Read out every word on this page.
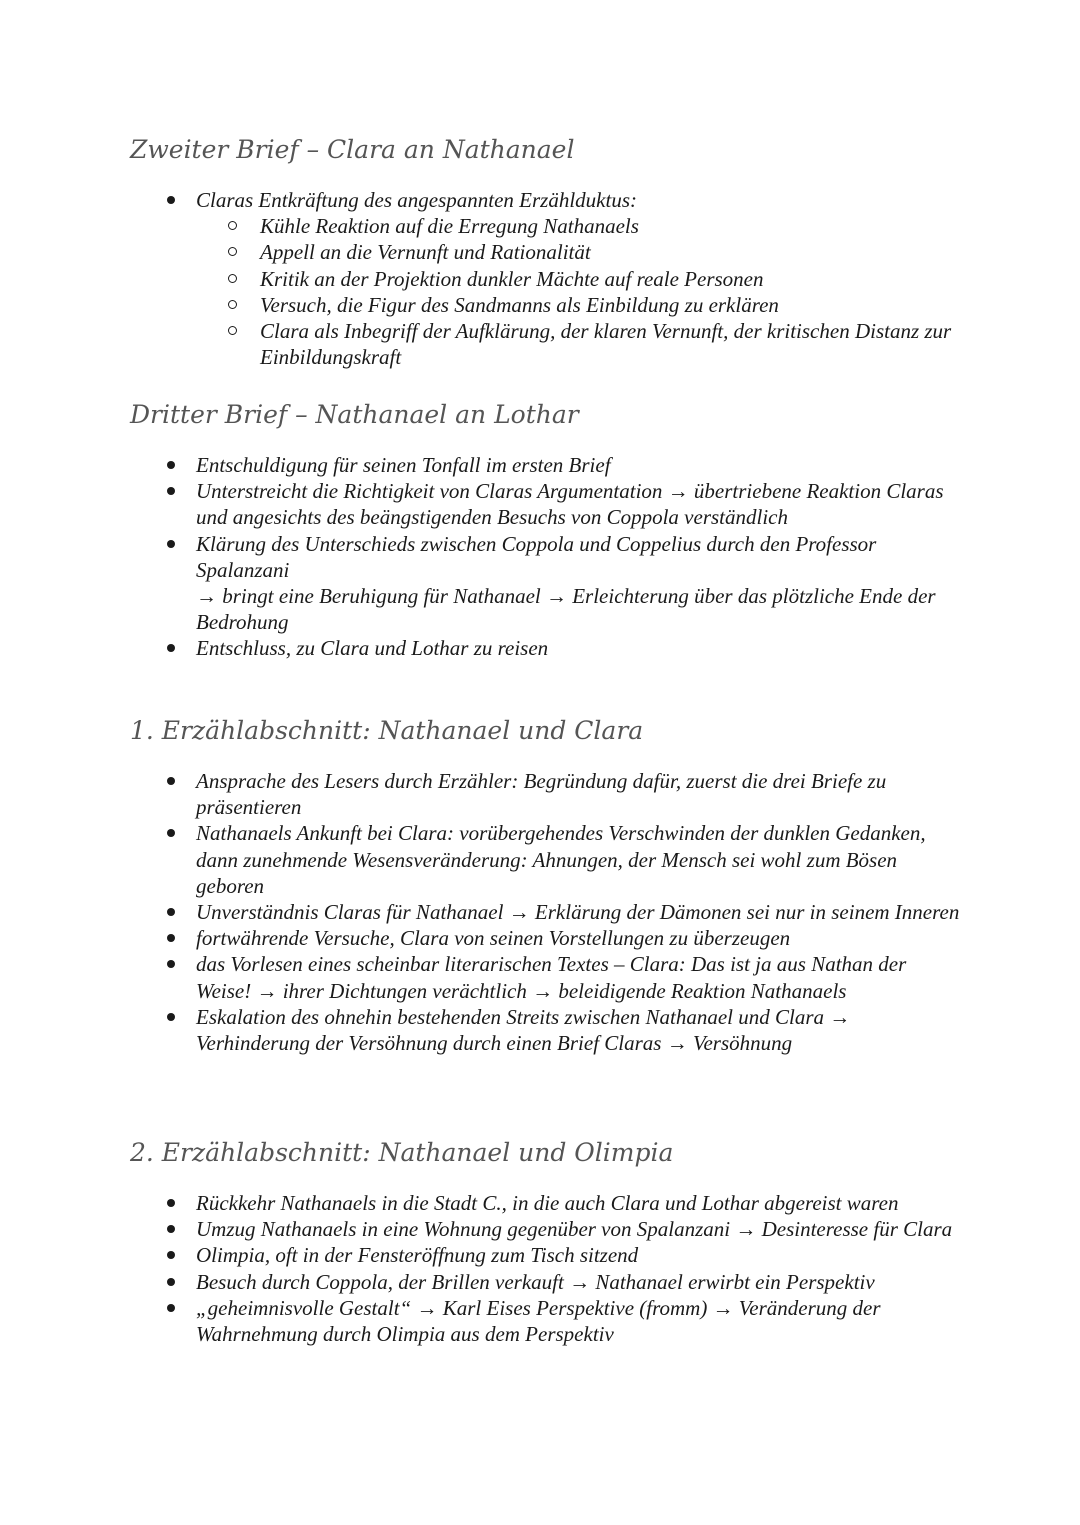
Zweiter Brief – Clara an Nathanael
Claras Entkräftung des angespannten Erzählduktus:
Kühle Reaktion auf die Erregung Nathanaels
Appell an die Vernunft und Rationalität
Kritik an der Projektion dunkler Mächte auf reale Personen
Versuch, die Figur des Sandmanns als Einbildung zu erklären
Clara als Inbegriff der Aufklärung, der klaren Vernunft, der kritischen Distanz zur Einbildungskraft
Dritter Brief – Nathanael an Lothar
Entschuldigung für seinen Tonfall im ersten Brief
Unterstreicht die Richtigkeit von Claras Argumentation → übertriebene Reaktion Claras und angesichts des beängstigenden Besuchs von Coppola verständlich
Klärung des Unterschieds zwischen Coppola und Coppelius durch den Professor Spalanzani
→ bringt eine Beruhigung für Nathanael → Erleichterung über das plötzliche Ende der Bedrohung
Entschluss, zu Clara und Lothar zu reisen
1. Erzählabschnitt: Nathanael und Clara
Ansprache des Lesers durch Erzähler: Begründung dafür, zuerst die drei Briefe zu präsentieren
Nathanaels Ankunft bei Clara: vorübergehendes Verschwinden der dunklen Gedanken, dann zunehmende Wesensveränderung: Ahnungen, der Mensch sei wohl zum Bösen geboren
Unverständnis Claras für Nathanael → Erklärung der Dämonen sei nur in seinem Inneren
fortwährende Versuche, Clara von seinen Vorstellungen zu überzeugen
das Vorlesen eines scheinbar literarischen Textes – Clara: Das ist ja aus Nathan der Weise! → ihrer Dichtungen verächtlich → beleidigende Reaktion Nathanaels
Eskalation des ohnehin bestehenden Streits zwischen Nathanael und Clara → Verhinderung der Versöhnung durch einen Brief Claras → Versöhnung
2. Erzählabschnitt: Nathanael und Olimpia
Rückkehr Nathanaels in die Stadt C., in die auch Clara und Lothar abgereist waren
Umzug Nathanaels in eine Wohnung gegenüber von Spalanzani → Desinteresse für Clara
Olimpia, oft in der Fensteröffnung zum Tisch sitzend
Besuch durch Coppola, der Brillen verkauft → Nathanael erwirbt ein Perspektiv
„geheimnisvolle Gestalt“ → Karl Eises Perspektive (fromm) → Veränderung der Wahrnehmung durch Olimpia aus dem Perspektiv
